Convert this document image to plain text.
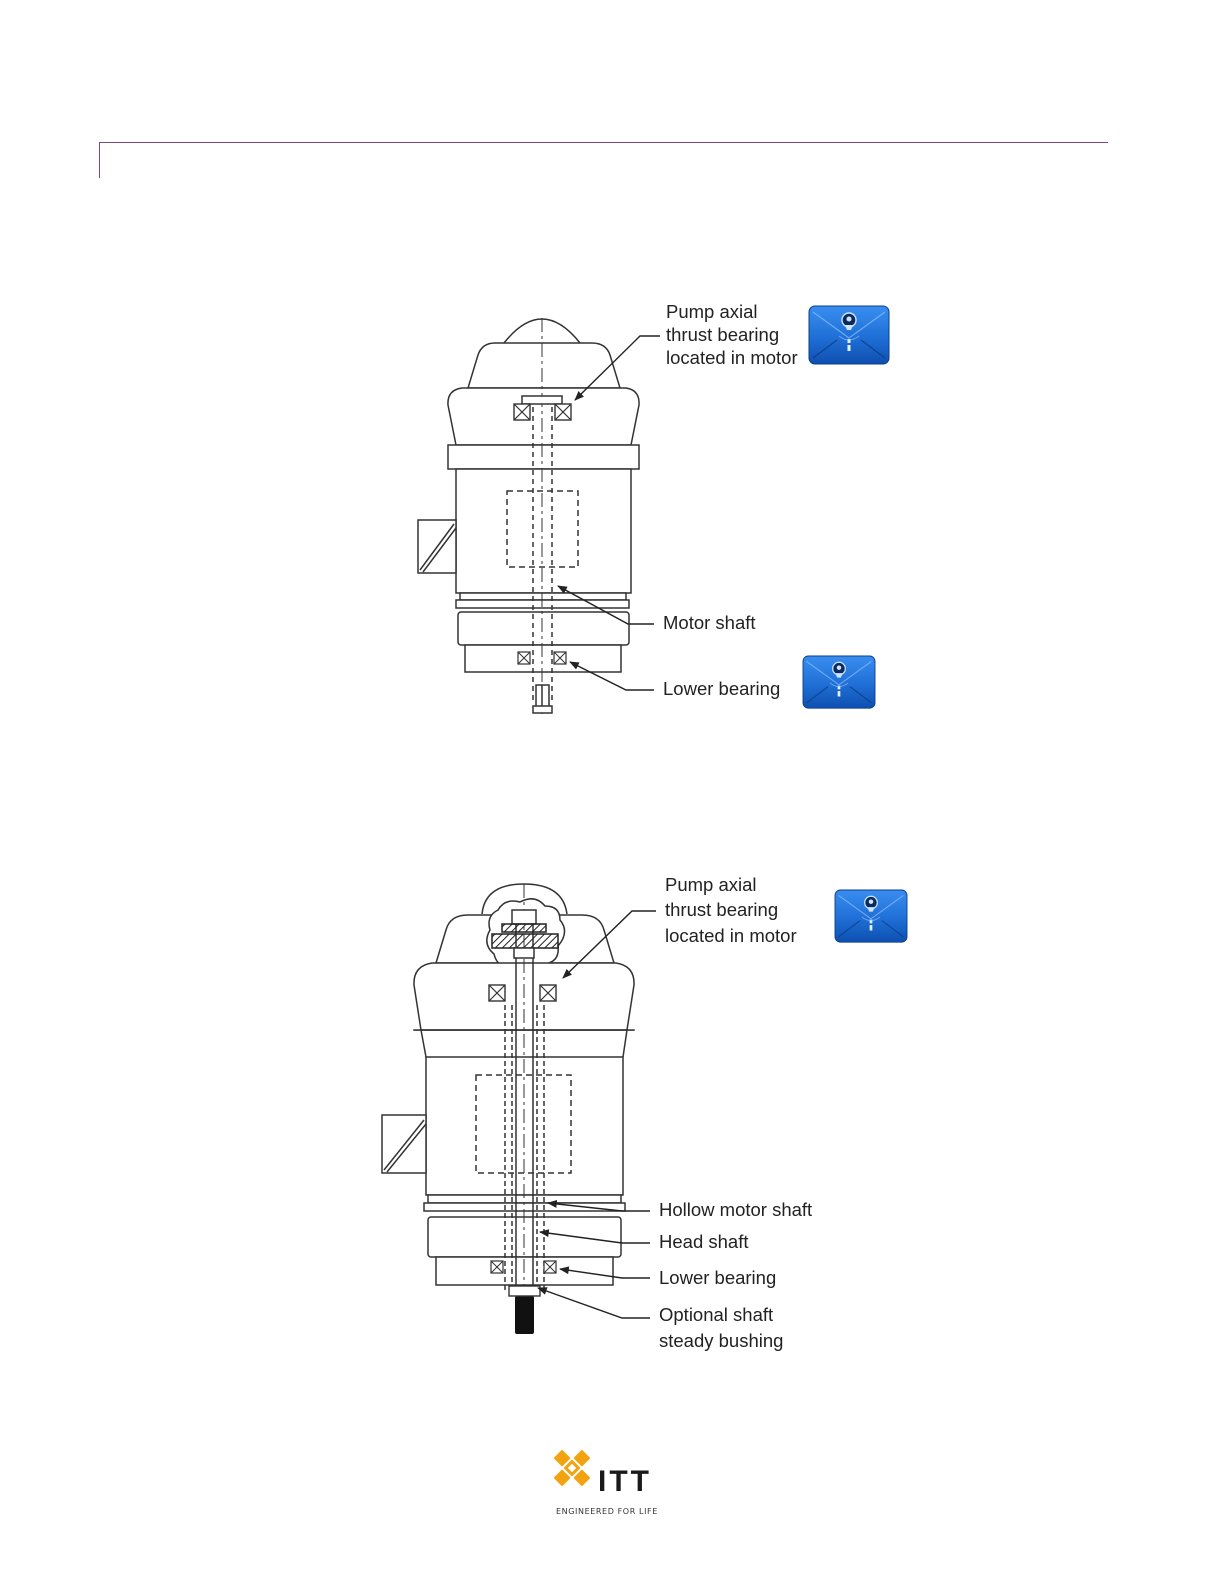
Pump axial
thrust bearing
located in motor
Motor shaft
Lower bearing
Pump axial
thrust bearing
located in motor
Hollow motor shaft
Head shaft
Lower bearing
Optional shaft
steady bushing
ITT
ENGINEERED FOR LIFE
